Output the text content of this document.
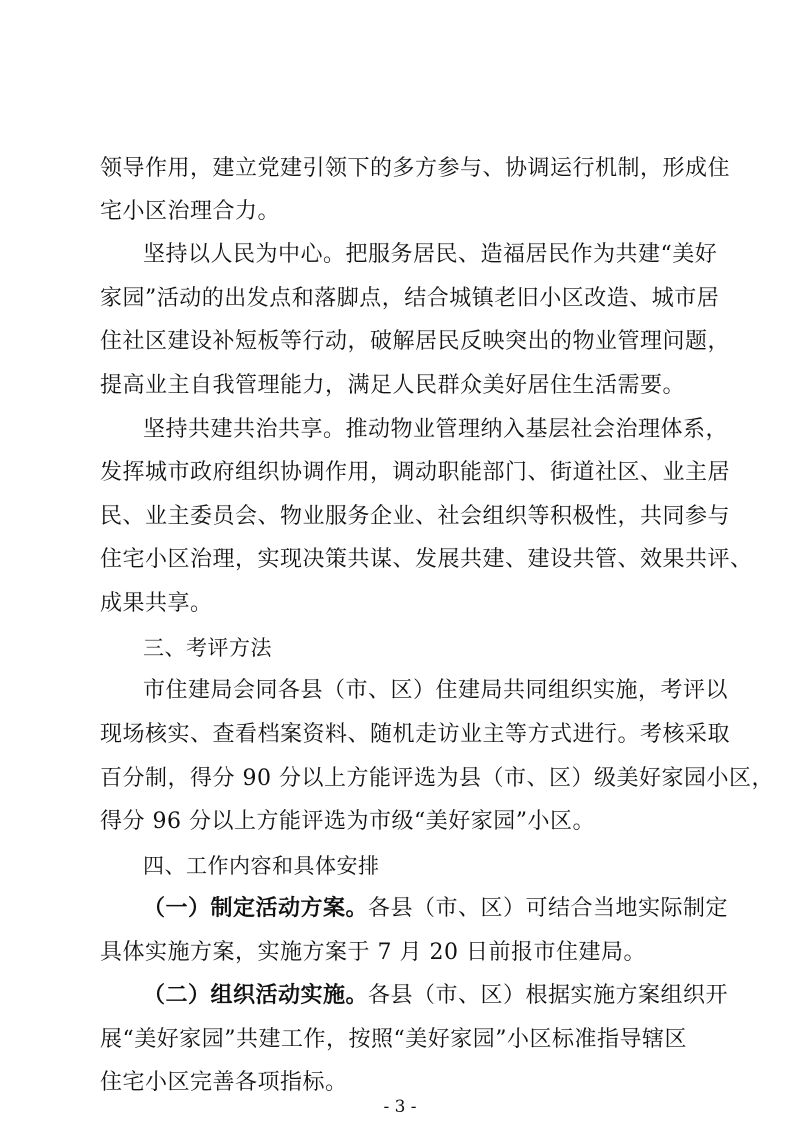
领导作用，建立党建引领下的多方参与、协调运行机制，形成住
宅小区治理合力。
坚持以人民为中心。把服务居民、造福居民作为共建“美好
家园”活动的出发点和落脚点，结合城镇老旧小区改造、城市居
住社区建设补短板等行动，破解居民反映突出的物业管理问题，
提高业主自我管理能力，满足人民群众美好居住生活需要。
坚持共建共治共享。推动物业管理纳入基层社会治理体系，
发挥城市政府组织协调作用，调动职能部门、街道社区、业主居
民、业主委员会、物业服务企业、社会组织等积极性，共同参与
住宅小区治理，实现决策共谋、发展共建、建设共管、效果共评、
成果共享。
三、考评方法
市住建局会同各县（市、区）住建局共同组织实施，考评以
现场核实、查看档案资料、随机走访业主等方式进行。考核采取
百分制，得分 90 分以上方能评选为县（市、区）级美好家园小区，
得分 96 分以上方能评选为市级“美好家园”小区。
四、工作内容和具体安排
（一）制定活动方案。各县（市、区）可结合当地实际制定
具体实施方案，实施方案于 7 月 20 日前报市住建局。
（二）组织活动实施。各县（市、区）根据实施方案组织开
展“美好家园”共建工作，按照“美好家园”小区标准指导辖区
住宅小区完善各项指标。
- 3 -
